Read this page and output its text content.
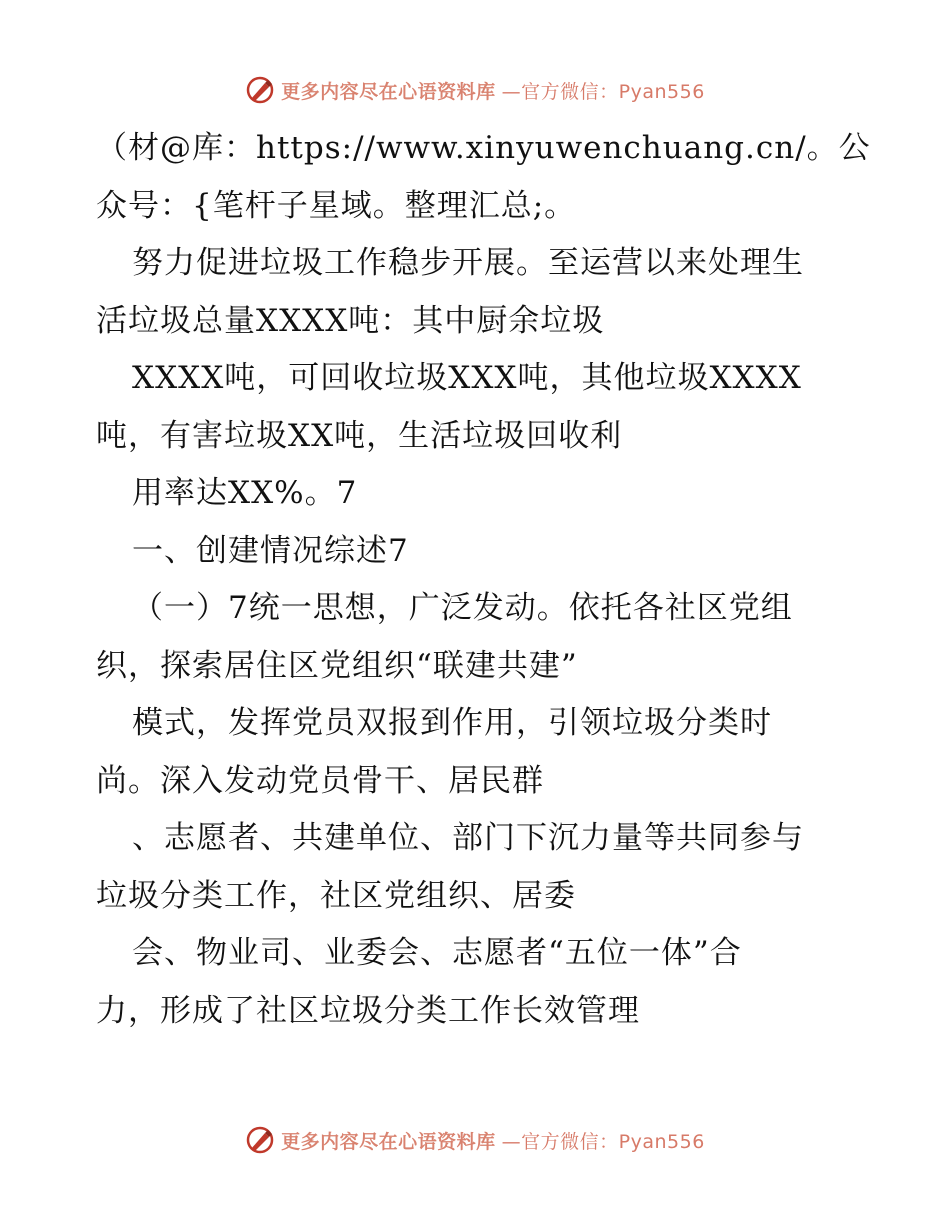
更多内容尽在心语资料库 —官方微信：Pyan556
（材@库：https://www.xinyuwenchuang.cn/。公
众号：{笔杆子星域。整理汇总;。
努力促进垃圾工作稳步开展。至运营以来处理生
活垃圾总量XXXX吨：其中厨余垃圾
XXXX吨，可回收垃圾XXX吨，其他垃圾XXXX
吨，有害垃圾XX吨，生活垃圾回收利
用率达XX%。7
一、创建情况综述7
（一）7统一思想，广泛发动。依托各社区党组
织，探索居住区党组织“联建共建”
模式，发挥党员双报到作用，引领垃圾分类时
尚。深入发动党员骨干、居民群
、志愿者、共建单位、部门下沉力量等共同参与
垃圾分类工作，社区党组织、居委
会、物业司、业委会、志愿者“五位一体”合
力，形成了社区垃圾分类工作长效管理
更多内容尽在心语资料库 —官方微信：Pyan556
